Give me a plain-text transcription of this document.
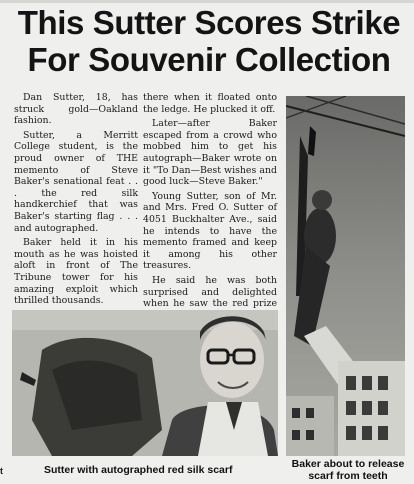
This Sutter Scores Strike
For Souvenir Collection

Dan Sutter, 18, has struck gold—Oakland fashion.

Sutter, a Merritt College student, is the proud owner of THE memento of Steve Baker's senational feat . . . the red silk handkerchief that was Baker's starting flag . . . and autographed.

Baker held it in his mouth as he was hoisted aloft in front of The Tribune tower for his amazing exploit which thrilled thousands.

there when it floated onto the ledge. He plucked it off.

Later—after Baker escaped from a crowd who mobbed him to get his autograph—Baker wrote on it "To Dan—Best wishes and good luck—Steve Baker."

Young Sutter, son of Mr. and Mrs. Fred O. Sutter of 4051 Buckhalter Ave., said he intends to have the memento framed and keep it among his other treasures.

He said he was both surprised and delighted when he saw the red prize

t	Sutter with autographed red silk scarf	Baker about to release
scarf from teeth
